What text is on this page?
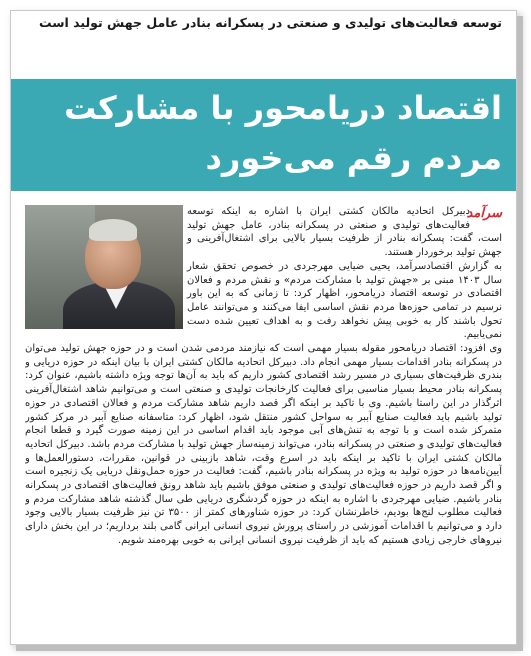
توسعه فعالیت‌های تولیدی و صنعتی در پسکرانه بنادر عامل جهش تولید است
اقتصاد دریامحور با مشارکت
مردم رقم می‌خورد
سرآمد

دبیرکل اتحادیه مالکان کشتی ایران با اشاره به اینکه توسعه فعالیت‌های تولیدی و صنعتی در پسکرانه بنادر، عامل جهش تولید است، گفت: پسکرانه بنادر از ظرفیت بسیار بالایی برای اشتغال‌آفرینی و جهش تولید برخوردار هستند.

به گزارش اقتصادسرآمد، یحیی ضیایی مهرجردی در خصوص تحقق شعار سال ۱۴۰۳ مبنی بر «جهش تولید با مشارکت مردم» و نقش مردم و فعالان اقتصادی در توسعه اقتصاد دریامحور، اظهار کرد: تا زمانی که به این باور نرسیم در تمامی حوزه‌ها مردم نقش اساسی ایفا می‌کنند و می‌توانند عامل تحول باشند کار به خوبی پیش نخواهد رفت و به اهداف تعیین شده دست نمی‌یابیم.

وی افزود: اقتصاد دریامحور مقوله بسیار مهمی است که نیازمند مردمی شدن است و در حوزه جهش تولید می‌توان در پسکرانه بنادر اقدامات بسیار مهمی انجام داد. دبیرکل اتحادیه مالکان کشتی ایران با بیان اینکه در حوزه دریایی و بندری ظرفیت‌های بسیاری در مسیر رشد اقتصادی کشور داریم که باید به آن‌ها توجه ویژه داشته باشیم، عنوان کرد: پسکرانه بنادر محیط بسیار مناسبی برای فعالیت کارخانجات تولیدی و صنعتی است و می‌توانیم شاهد اشتغال‌آفرینی اثرگذار در این راستا باشیم. وی با تاکید بر اینکه اگر قصد داریم شاهد مشارکت مردم و فعالان اقتصادی در حوزه تولید باشیم باید فعالیت صنایع آببر به سواحل کشور منتقل شود، اظهار کرد: متاسفانه صنایع آببر در مرکز کشور متمرکز شده است و با توجه به تنش‌های آبی موجود باید اقدام اساسی در این زمینه صورت گیرد و قطعا انجام فعالیت‌های تولیدی و صنعتی در پسکرانه بنادر، می‌تواند زمینه‌ساز جهش تولید با مشارکت مردم باشد. دبیرکل اتحادیه مالکان کشتی ایران با تاکید بر اینکه باید در اسرع وقت، شاهد بازبینی در قوانین، مقررات، دستورالعمل‌ها و آیین‌نامه‌ها در حوزه تولید به ویژه در پسکرانه بنادر باشیم، گفت: فعالیت در حوزه حمل‌ونقل دریایی یک زنجیره است و اگر قصد داریم در حوزه فعالیت‌های تولیدی و صنعتی موفق باشیم باید شاهد رونق فعالیت‌های اقتصادی در پسکرانه بنادر باشیم. ضیایی مهرجردی با اشاره به اینکه در حوزه گردشگری دریایی طی سال گذشته شاهد مشارکت مردم و فعالیت مطلوب لنج‌ها بودیم، خاطرنشان کرد: در حوزه شناورهای کمتر از ۳۵۰۰ تن نیز ظرفیت بسیار بالایی وجود دارد و می‌توانیم با اقدامات آموزشی در راستای پرورش نیروی انسانی ایرانی گامی بلند برداریم؛ در این بخش دارای نیروهای خارجی زیادی هستیم که باید از ظرفیت نیروی انسانی ایرانی به خوبی بهره‌مند شویم.
